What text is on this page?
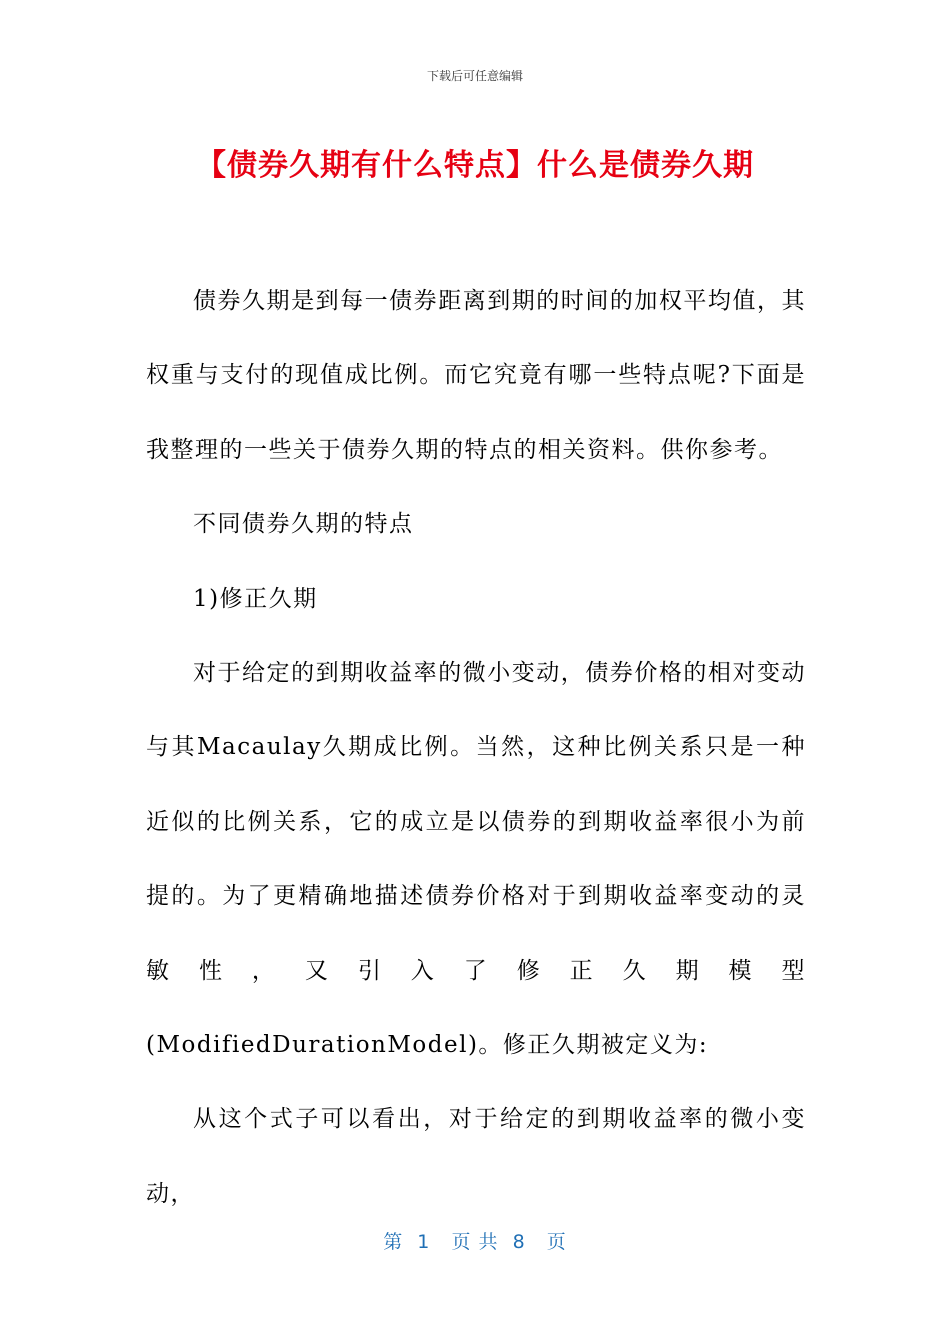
下载后可任意编辑
【债券久期有什么特点】什么是债券久期

债券久期是到每一债券距离到期的时间的加权平均值，其权重与支付的现值成比例。而它究竟有哪一些特点呢?下面是我整理的一些关于债券久期的特点的相关资料。供你参考。

不同债券久期的特点

1)修正久期

对于给定的到期收益率的微小变动，债券价格的相对变动与其Macaulay久期成比例。当然，这种比例关系只是一种近似的比例关系，它的成立是以债券的到期收益率很小为前提的。为了更精确地描述债券价格对于到期收益率变动的灵敏性，又引入了修正久期模型(ModifiedDurationModel)。修正久期被定义为:

从这个式子可以看出，对于给定的到期收益率的微小变动，

第  1   页 共  8   页
